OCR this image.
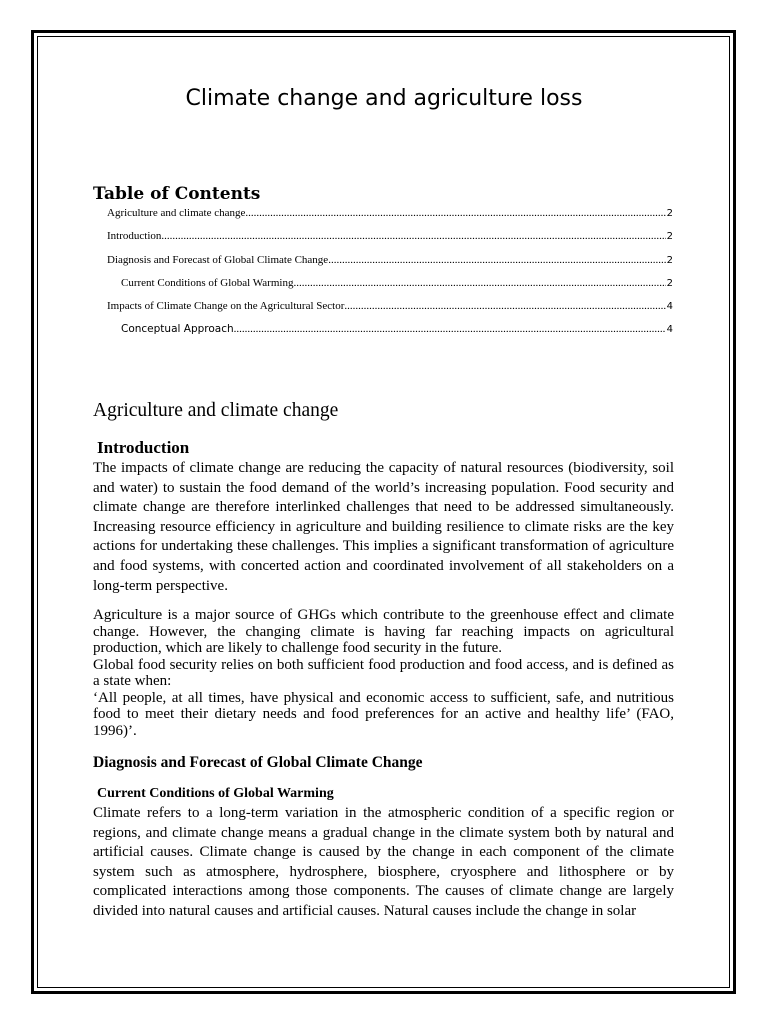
Climate change and agriculture loss
Table of Contents
Agriculture and climate change .....	2
Introduction .....	2
Diagnosis and Forecast of Global Climate Change .....	2
Current Conditions of Global Warming .....	2
Impacts of Climate Change on the Agricultural Sector .....	4
Conceptual Approach .....	4
Agriculture and climate change
Introduction
The impacts of climate change are reducing the capacity of natural resources (biodiversity, soil and water) to sustain the food demand of the world’s increasing population. Food security and climate change are therefore interlinked challenges that need to be addressed simultaneously. Increasing resource efficiency in agriculture and building resilience to climate risks are the key actions for undertaking these challenges. This implies a significant transformation of agriculture and food systems, with concerted action and coordinated involvement of all stakeholders on a long-term perspective.
Agriculture is a major source of GHGs which contribute to the greenhouse effect and climate change. However, the changing climate is having far reaching impacts on agricultural production, which are likely to challenge food security in the future.
Global food security relies on both sufficient food production and food access, and is defined as a state when:
‘All people, at all times, have physical and economic access to sufficient, safe, and nutritious food to meet their dietary needs and food preferences for an active and healthy life’ (FAO, 1996)’.
Diagnosis and Forecast of Global Climate Change
Current Conditions of Global Warming
Climate refers to a long-term variation in the atmospheric condition of a specific region or regions, and climate change means a gradual change in the climate system both by natural and artificial causes. Climate change is caused by the change in each component of the climate system such as atmosphere, hydrosphere, biosphere, cryosphere and lithosphere or by complicated interactions among those components. The causes of climate change are largely divided into natural causes and artificial causes. Natural causes include the change in solar
